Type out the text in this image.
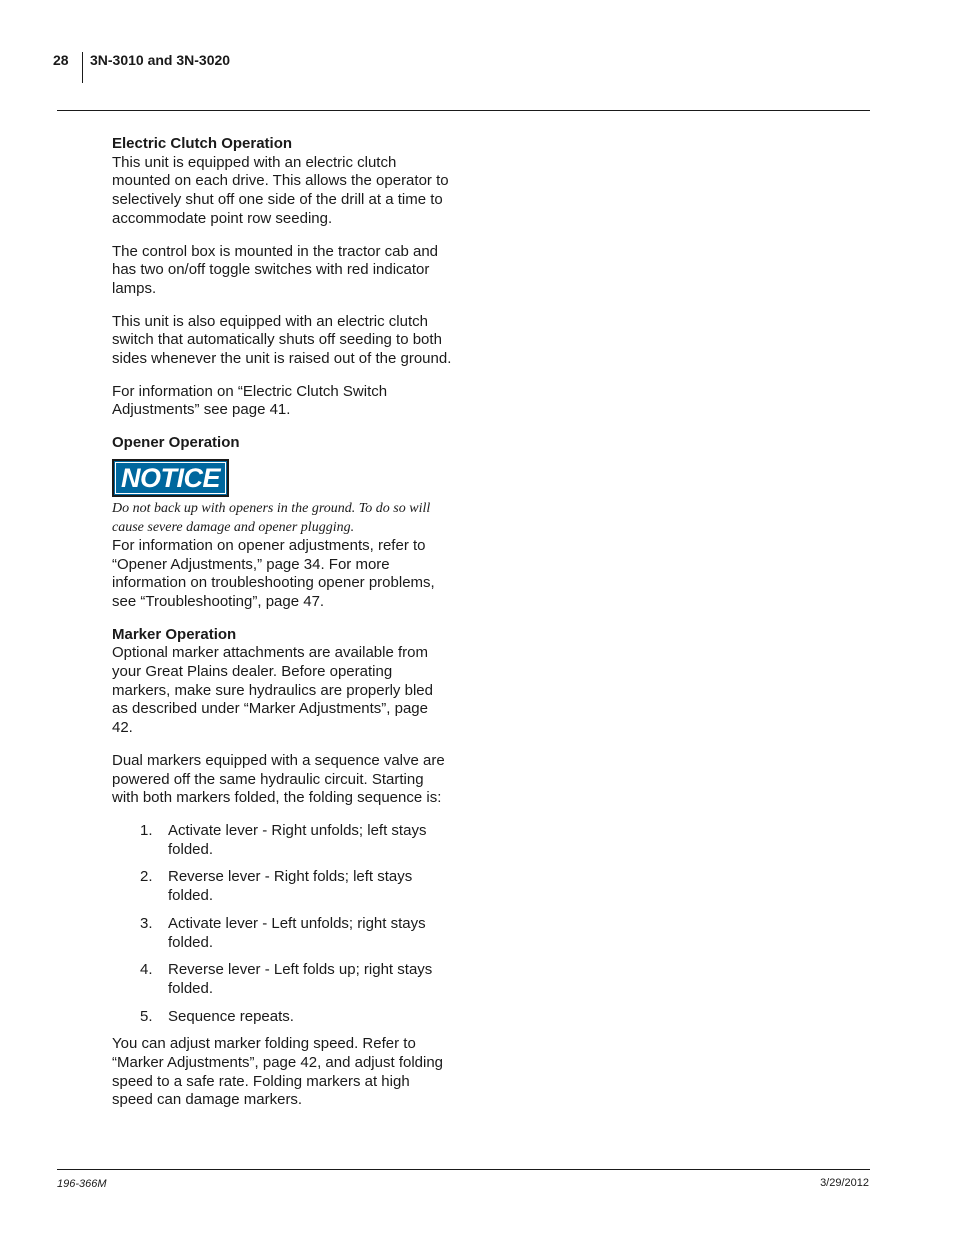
28 3N-3010 and 3N-3020

Electric Clutch Operation

This unit is equipped with an electric clutch mounted on each drive. This allows the operator to selectively shut off one side of the drill at a time to accommodate point row seeding.

The control box is mounted in the tractor cab and has two on/off toggle switches with red indicator lamps.

This unit is also equipped with an electric clutch switch that automatically shuts off seeding to both sides whenever the unit is raised out of the ground.

For information on “Electric Clutch Switch Adjustments” see page 41.

Opener Operation

NOTICE

Do not back up with openers in the ground. To do so will cause severe damage and opener plugging.

For information on opener adjustments, refer to “Opener Adjustments,” page 34. For more information on troubleshooting opener problems, see “Troubleshooting”, page 47.

Marker Operation

Optional marker attachments are available from your Great Plains dealer. Before operating markers, make sure hydraulics are properly bled as described under “Marker Adjustments”, page 42.

Dual markers equipped with a sequence valve are powered off the same hydraulic circuit. Starting with both markers folded, the folding sequence is:

1.	Activate lever - Right unfolds; left stays folded.
2.	Reverse lever - Right folds; left stays folded.
3.	Activate lever - Left unfolds; right stays folded.
4.	Reverse lever - Left folds up; right stays folded.
5.	Sequence repeats.

You can adjust marker folding speed. Refer to “Marker Adjustments”, page 42, and adjust folding speed to a safe rate. Folding markers at high speed can damage markers.

196-366M	3/29/2012
